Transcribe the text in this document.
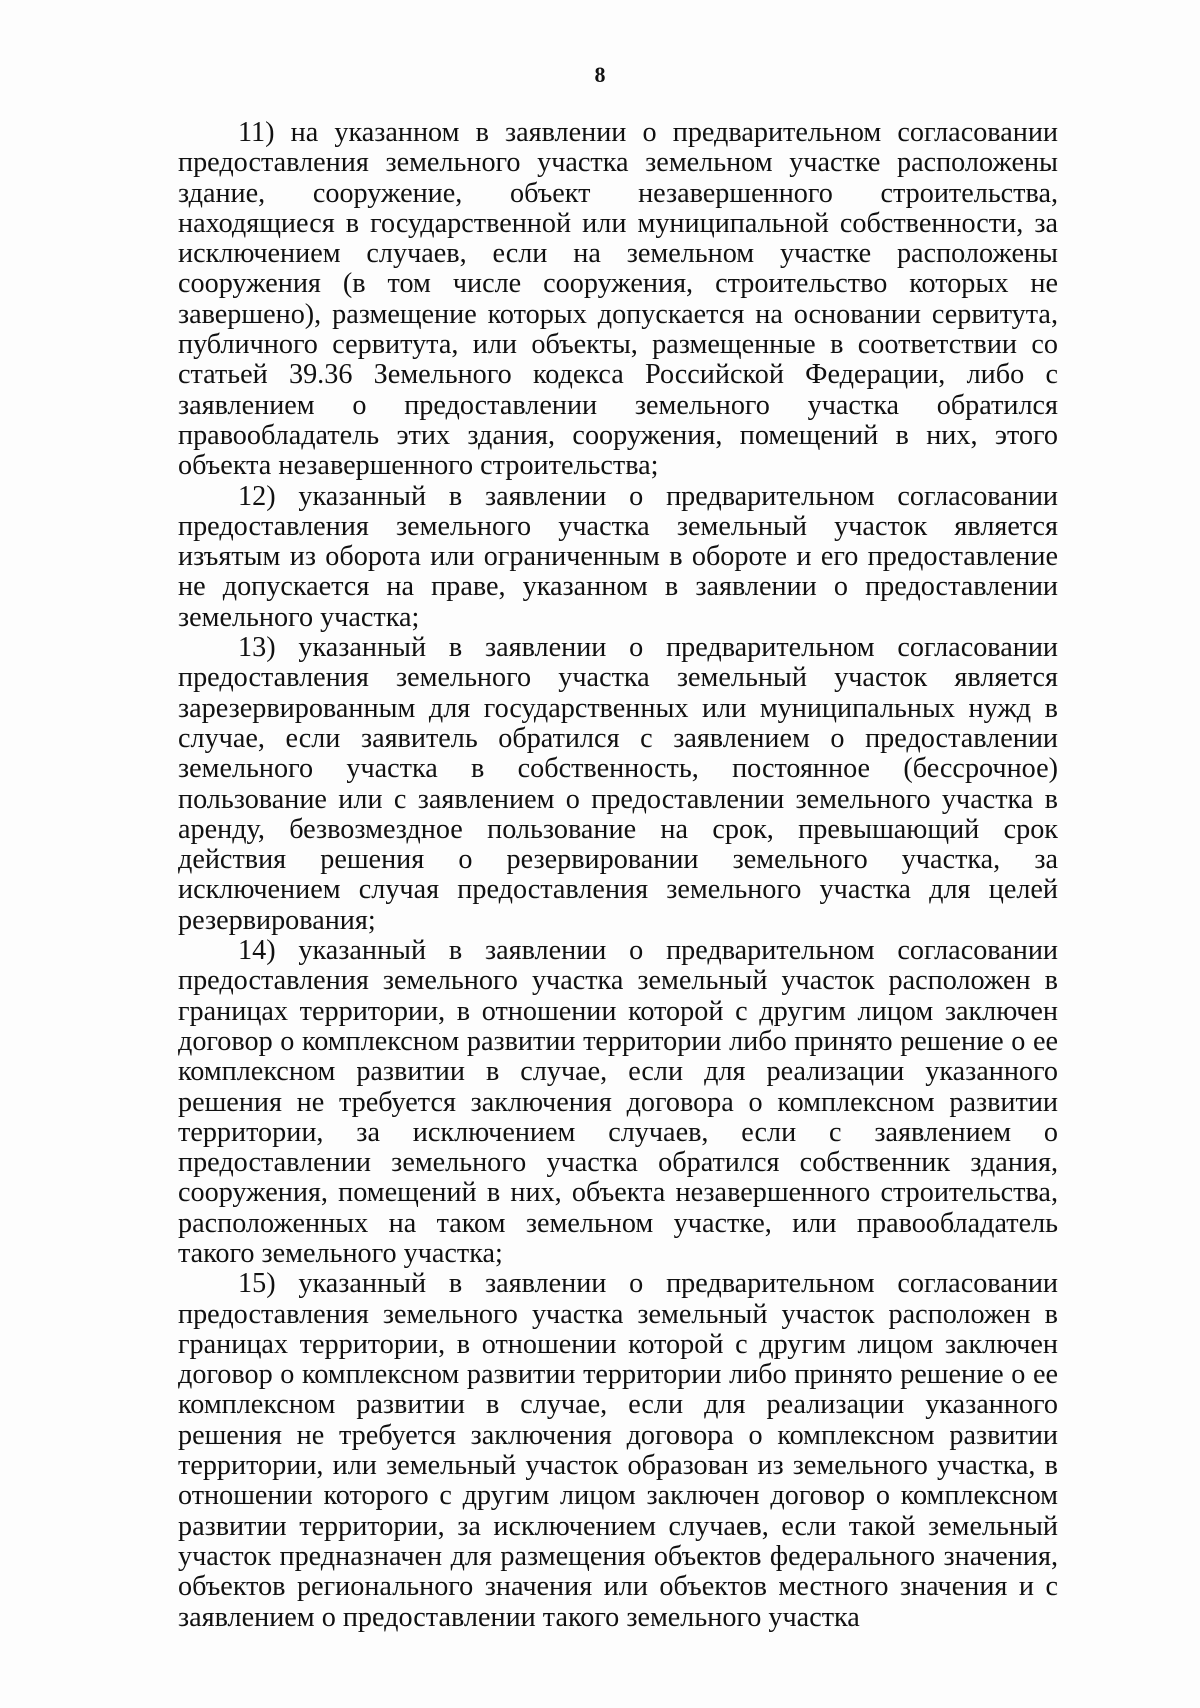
8

11) на указанном в заявлении о предварительном согласовании предоставления земельного участка земельном участке расположены здание, сооружение, объект незавершенного строительства, находящиеся в государственной или муниципальной собственности, за исключением случаев, если на земельном участке расположены сооружения (в том числе сооружения, строительство которых не завершено), размещение которых допускается на основании сервитута, публичного сервитута, или объекты, размещенные в соответствии со статьей 39.36 Земельного кодекса Российской Федерации, либо с заявлением о предоставлении земельного участка обратился правообладатель этих здания, сооружения, помещений в них, этого объекта незавершенного строительства;

12) указанный в заявлении о предварительном согласовании предоставления земельного участка земельный участок является изъятым из оборота или ограниченным в обороте и его предоставление не допускается на праве, указанном в заявлении о предоставлении земельного участка;

13) указанный в заявлении о предварительном согласовании предоставления земельного участка земельный участок является зарезервированным для государственных или муниципальных нужд в случае, если заявитель обратился с заявлением о предоставлении земельного участка в собственность, постоянное (бессрочное) пользование или с заявлением о предоставлении земельного участка в аренду, безвозмездное пользование на срок, превышающий срок действия решения о резервировании земельного участка, за исключением случая предоставления земельного участка для целей резервирования;

14) указанный в заявлении о предварительном согласовании предоставления земельного участка земельный участок расположен в границах территории, в отношении которой с другим лицом заключен договор о комплексном развитии территории либо принято решение о ее комплексном развитии в случае, если для реализации указанного решения не требуется заключения договора о комплексном развитии территории, за исключением случаев, если с заявлением о предоставлении земельного участка обратился собственник здания, сооружения, помещений в них, объекта незавершенного строительства, расположенных на таком земельном участке, или правообладатель такого земельного участка;

15) указанный в заявлении о предварительном согласовании предоставления земельного участка земельный участок расположен в границах территории, в отношении которой с другим лицом заключен договор о комплексном развитии территории либо принято решение о ее комплексном развитии в случае, если для реализации указанного решения не требуется заключения договора о комплексном развитии территории, или земельный участок образован из земельного участка, в отношении которого с другим лицом заключен договор о комплексном развитии территории, за исключением случаев, если такой земельный участок предназначен для размещения объектов федерального значения, объектов регионального значения или объектов местного значения и с заявлением о предоставлении такого земельного участка
